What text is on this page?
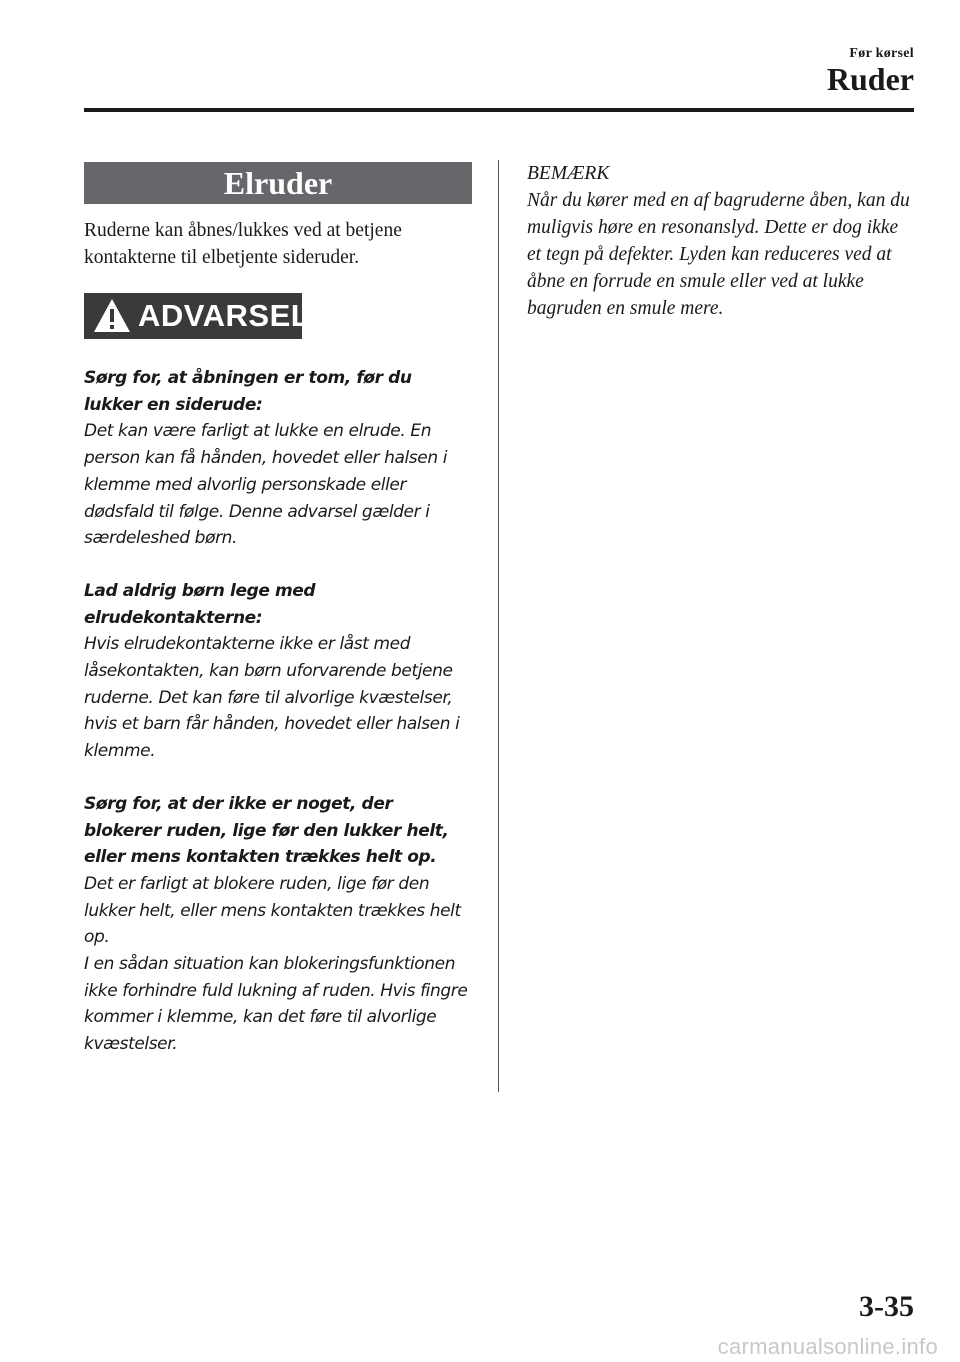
Før kørsel
Ruder
Elruder
Ruderne kan åbnes/lukkes ved at betjene kontakterne til elbetjente sideruder.
ADVARSEL

Sørg for, at åbningen er tom, før du lukker en siderude:

Det kan være farligt at lukke en elrude. En person kan få hånden, hovedet eller halsen i klemme med alvorlig personskade eller dødsfald til følge. Denne advarsel gælder i særdeleshed børn.

Lad aldrig børn lege med elrudekontakterne:

Hvis elrudekontakterne ikke er låst med låsekontakten, kan børn uforvarende betjene ruderne. Det kan føre til alvorlige kvæstelser, hvis et barn får hånden, hovedet eller halsen i klemme.

Sørg for, at der ikke er noget, der blokerer ruden, lige før den lukker helt, eller mens kontakten trækkes helt op.

Det er farligt at blokere ruden, lige før den lukker helt, eller mens kontakten trækkes helt op.

I en sådan situation kan blokeringsfunktionen ikke forhindre fuld lukning af ruden. Hvis fingre kommer i klemme, kan det føre til alvorlige kvæstelser.

BEMÆRK

Når du kører med en af bagruderne åben, kan du muligvis høre en resonanslyd. Dette er dog ikke et tegn på defekter. Lyden kan reduceres ved at åbne en forrude en smule eller ved at lukke bagruden en smule mere.

3-35
carmanualsonline.info
